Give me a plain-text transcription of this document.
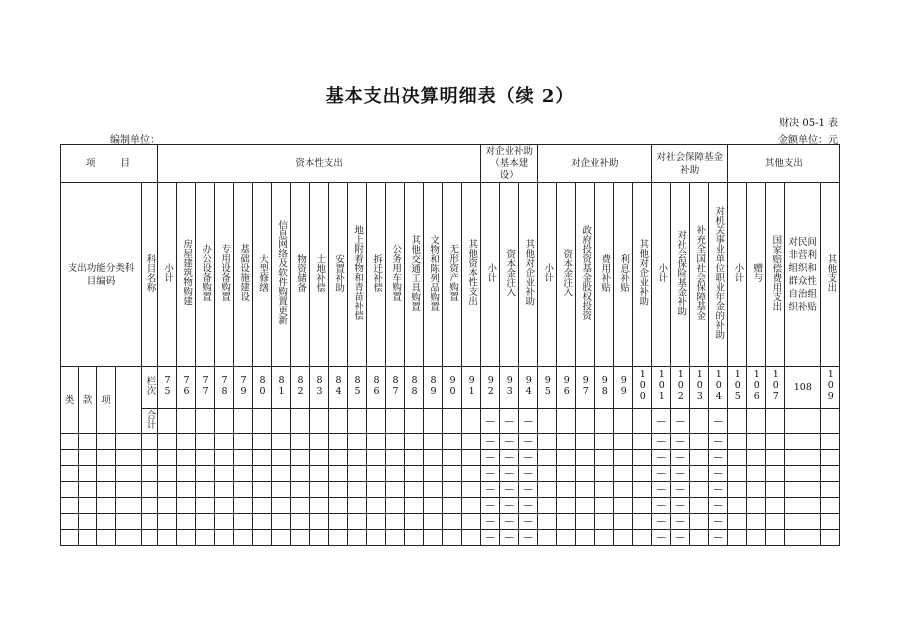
基本支出决算明细表（续 2）
财决 05-1 表
编制单位：	金额单位：元
项　　目					资本性支出																	对企业补助（基本建设）			对企业补助						对社会保障基金补助				其他支出				
支出功能分类科目编码				科目名称	小计	房屋建筑物购建	办公设备购置	专用设备购置	基础设施建设	大型修缮	信息网络及软件购置更新	物资储备	土地补偿	安置补助	地上附着物和青苗补偿	拆迁补偿	公务用车购置	其他交通工具购置	文物和陈列品购置	无形资产购置	其他资本性支出	小计	资本金注入	其他对企业补助	小计	资本金注入	政府投资基金股权投资	费用补贴	利息补贴	其他对企业补助	小计	对社会保险基金补助	补充全国社会保障基金	对机关事业单位职业年金的补助	小计	赠与	国家赔偿费用支出	对民间非营利组织和群众性自治组织补贴	其他支出
类	款	项		栏次	75	76	77	78	79	80	81	82	83	84	85	86	87	88	89	90	91	92	93	94	95	96	97	98	99	100	101	102	103	104	105	106	107	108	109
				合计																		—	—	—							—	—		—					
																						—	—	—							—	—		—					
																						—	—	—							—	—		—					
																						—	—	—							—	—		—					
																						—	—	—							—	—		—					
																						—	—	—							—	—		—					
																						—	—	—							—	—		—					
																						—	—	—							—	—		—					
